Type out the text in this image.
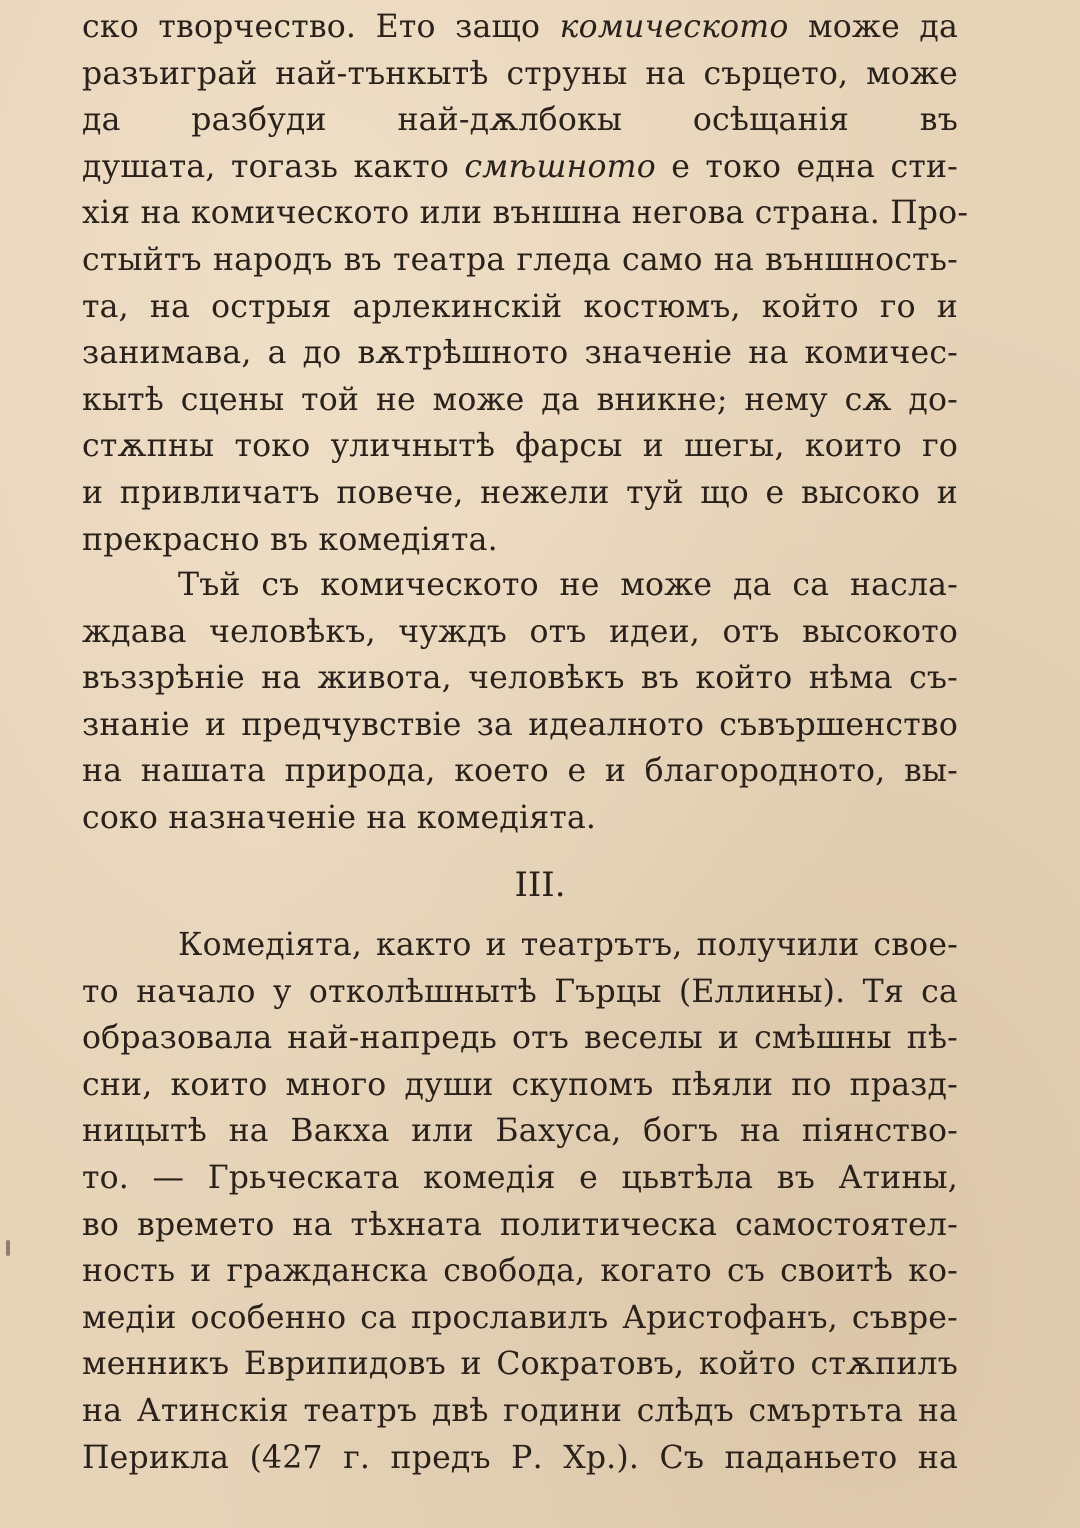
ско творчество. Ето защо комическото може да
разъиграй най-тънкытѣ струны на сърцето, може
да разбуди най-дѫлбокы осѣщанія въ
душата, тогазь както смѣшното е токо една сти-
хія на комическото или външна негова страна. Про-
стыйтъ народъ въ театра гледа само на външность-
та, на острыя арлекинскій костюмъ, който го и
занимава, а до вѫтрѣшното значеніе на комичес-
кытѣ сцены той не може да вникне; нему сѫ до-
стѫпны токо уличнытѣ фарсы и шегы, които го
и привличатъ повече, нежели туй що е высоко и
прекрасно въ комедіята.
Тъй съ комическото не може да са насла-
ждава человѣкъ, чуждъ отъ идеи, отъ высокото
въззрѣніе на живота, человѣкъ въ който нѣма съ-
знаніе и предчувствіе за идеалното съвършенство
на нашата природа, което е и благородното, вы-
соко назначеніе на комедіята.
III.
Комедіята, както и театрътъ, получили свое-
то начало у отколѣшнытѣ Гърцы (Еллины). Тя са
образовала най-напредь отъ веселы и смѣшны пѣ-
сни, които много души скупомъ пѣяли по празд-
ницытѣ на Вакха или Бахуса, богъ на піянство-
то. — Грьческата комедія е цьвтѣла въ Атины,
во времето на тѣхната политическа самостоятел-
ность и гражданска свобода, когато съ своитѣ ко-
медіи особенно са прославилъ Аристофанъ, съвре-
менникъ Еврипидовъ и Сократовъ, който стѫпилъ
на Атинскія театръ двѣ години слѣдъ смъртьта на
Перикла (427 г. предъ Р. Хр.). Съ паданьето на
